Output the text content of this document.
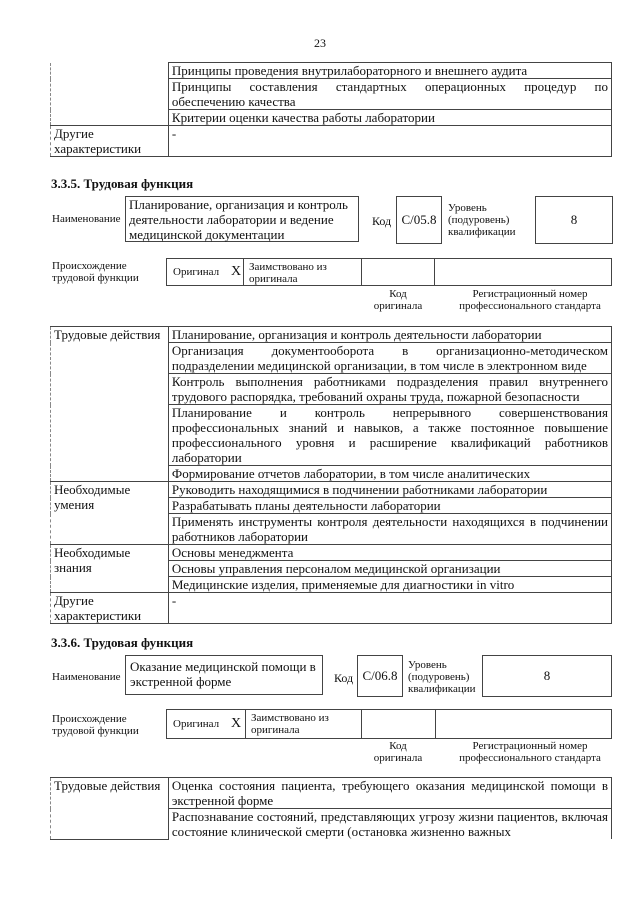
23
	Принципы проведения внутрилабораторного и внешнего аудита
	Принципы составления стандартных операционных процедур по обеспечению качества
	Критерии оценки качества работы лаборатории
Другие характеристики	-
3.3.5. Трудовая функция
Наименование
Планирование, организация и контроль деятельности лаборатории и ведение медицинской документации
Код C/05.8
Уровень (подуровень) квалификации
8
Происхождение трудовой функции	Оригинал X Заимствовано из оригинала
Код оригинала
Регистрационный номер профессионального стандарта
Трудовые действия	Планирование, организация и контроль деятельности лаборатории
	Организация документооборота в организационно-методическом подразделении медицинской организации, в том числе в электронном виде
	Контроль выполнения работниками подразделения правил внутреннего трудового распорядка, требований охраны труда, пожарной безопасности
	Планирование и контроль непрерывного совершенствования профессиональных знаний и навыков, а также постоянное повышение профессионального уровня и расширение квалификаций работников лаборатории
	Формирование отчетов лаборатории, в том числе аналитических
Необходимые умения	Руководить находящимися в подчинении работниками лаборатории
	Разрабатывать планы деятельности лаборатории
	Применять инструменты контроля деятельности находящихся в подчинении работников лаборатории
Необходимые знания	Основы менеджмента
	Основы управления персоналом медицинской организации
	Медицинские изделия, применяемые для диагностики in vitro
Другие характеристики	-
3.3.6. Трудовая функция
Наименование
Оказание медицинской помощи в экстренной форме	Код C/06.8
Уровень (подуровень) квалификации
8
Происхождение трудовой функции
Оригинал X Заимствовано из оригинала
Код оригинала
Регистрационный номер профессионального стандарта
Трудовые действия	Оценка состояния пациента, требующего оказания медицинской помощи в экстренной форме
Распознавание состояний, представляющих угрозу жизни пациентов, включая состояние клинической смерти (остановка жизненно важных
